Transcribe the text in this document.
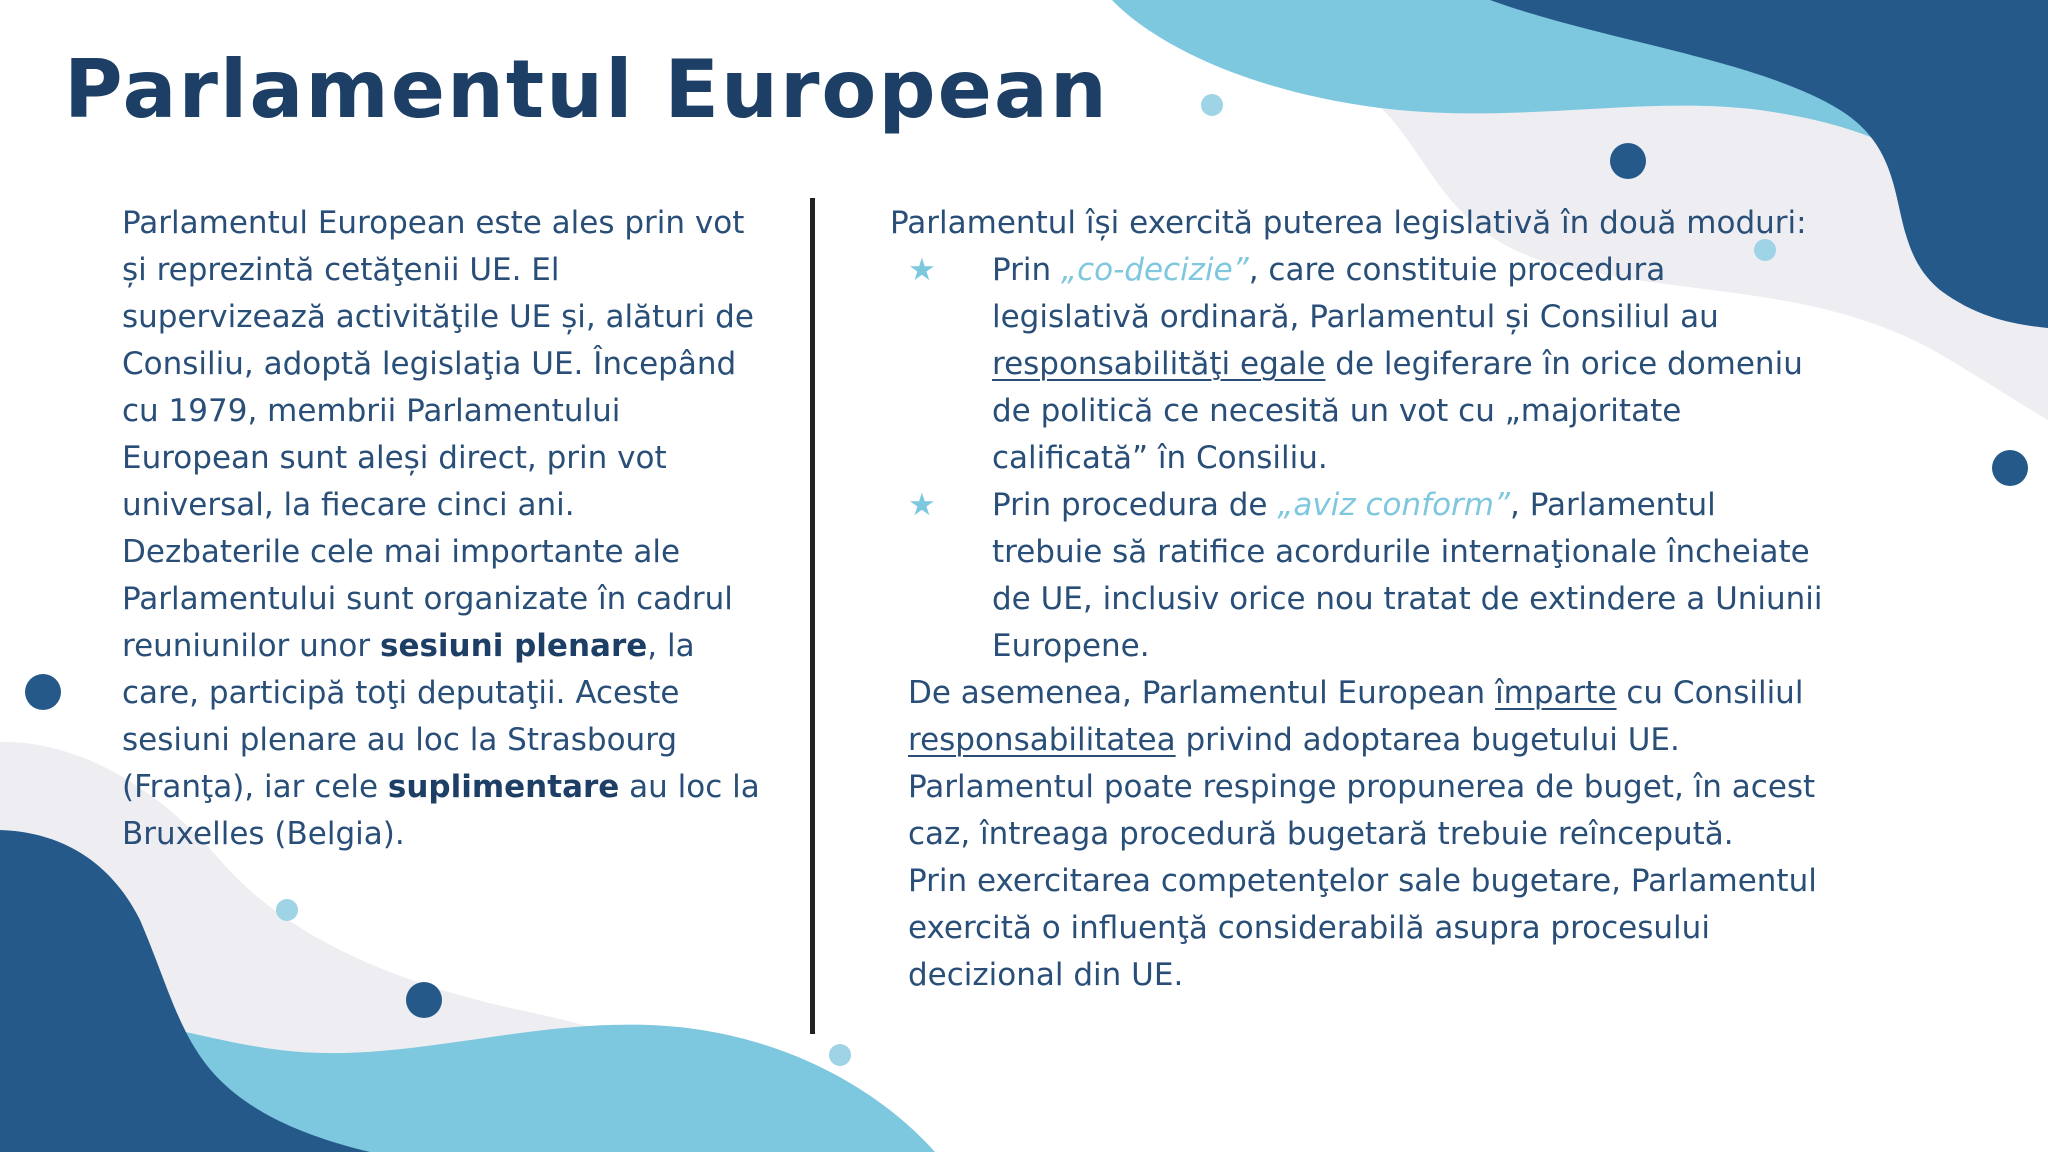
Parlamentul European

Parlamentul European este ales prin vot și reprezintă cetăţenii UE. El supervizează activităţile UE și, alături de Consiliu, adoptă legislaţia UE. Începând cu 1979, membrii Parlamentului European sunt aleși direct, prin vot universal, la fiecare cinci ani.

Dezbaterile cele mai importante ale Parlamentului sunt organizate în cadrul reuniunilor unor sesiuni plenare, la care, participă toţi deputaţii. Aceste sesiuni plenare au loc la Strasbourg (Franţa), iar cele suplimentare au loc la Bruxelles (Belgia).

Parlamentul își exercită puterea legislativă în două moduri:

★ Prin „co-decizie”, care constituie procedura legislativă ordinară, Parlamentul și Consiliul au responsabilităţi egale de legiferare în orice domeniu de politică ce necesită un vot cu „majoritate calificată” în Consiliu.

★ Prin procedura de „aviz conform”, Parlamentul trebuie să ratifice acordurile internaţionale încheiate de UE, inclusiv orice nou tratat de extindere a Uniunii Europene.

De asemenea, Parlamentul European împarte cu Consiliul responsabilitatea privind adoptarea bugetului UE. Parlamentul poate respinge propunerea de buget, în acest caz, întreaga procedură bugetară trebuie reîncepută.

Prin exercitarea competenţelor sale bugetare, Parlamentul exercită o influenţă considerabilă asupra procesului decizional din UE.
